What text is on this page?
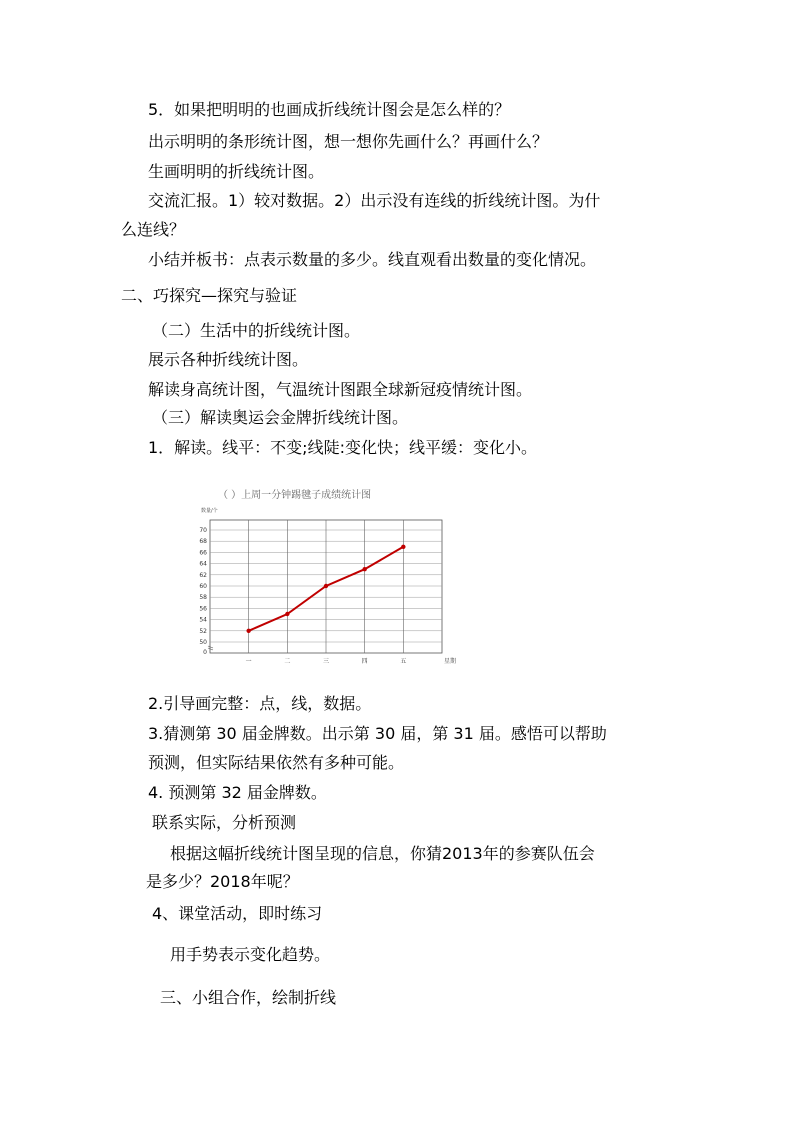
5．如果把明明的也画成折线统计图会是怎么样的？
出示明明的条形统计图，想一想你先画什么？再画什么？
生画明明的折线统计图。
交流汇报。1）较对数据。2）出示没有连线的折线统计图。为什
么连线？
小结并板书：点表示数量的多少。线直观看出数量的变化情况。
二、巧探究—探究与验证
（二）生活中的折线统计图。
展示各种折线统计图。
解读身高统计图，气温统计图跟全球新冠疫情统计图。
（三）解读奥运会金牌折线统计图。
1．解读。线平：不变;线陡:变化快；线平缓：变化小。
（ ）上周一分钟踢毽子成绩统计图
数量/个
星期
0
50
52
54
56
58
60
62
64
66
68
70
一	二	三	四	五
2.引导画完整：点，线，数据。
3.猜测第 30 届金牌数。出示第 30 届，第 31 届。感悟可以帮助
预测，但实际结果依然有多种可能。
4. 预测第 32 届金牌数。
联系实际，分析预测
根据这幅折线统计图呈现的信息，你猜2013年的参赛队伍会
是多少？2018年呢？
4、课堂活动，即时练习
用手势表示变化趋势。
三、小组合作，绘制折线
